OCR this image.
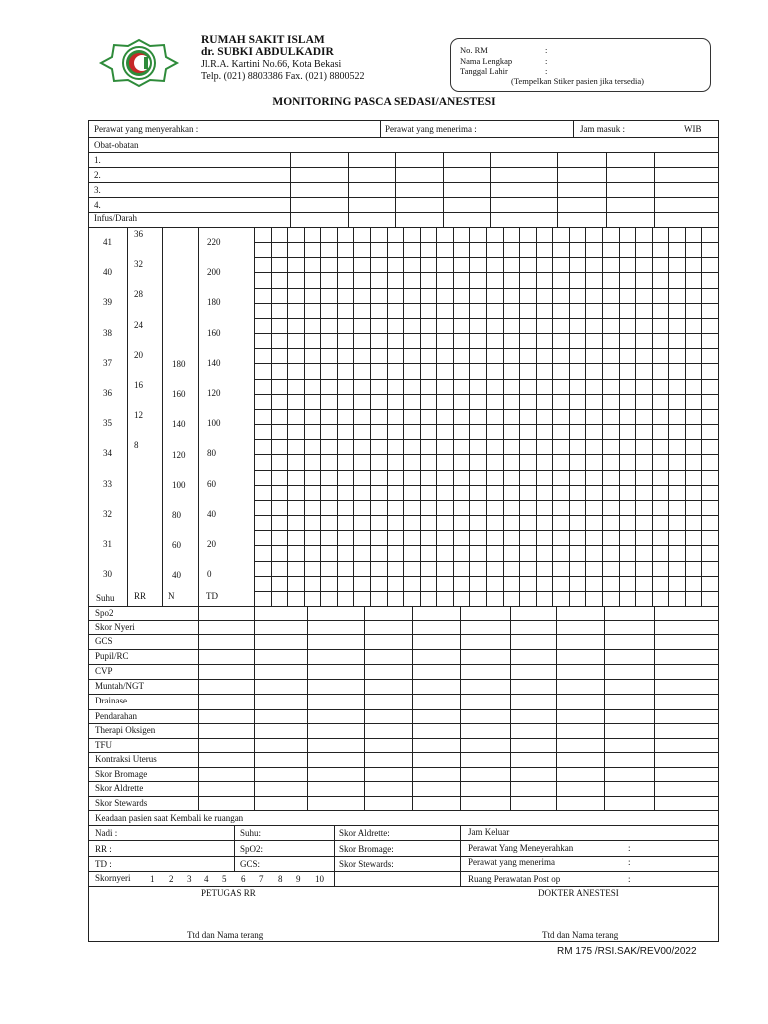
RUMAH SAKIT ISLAM
dr. SUBKI ABDULKADIR
Jl.R.A. Kartini No.66, Kota Bekasi
Telp. (021) 8803386 Fax. (021) 8800522
No. RM	:
Nama Lengkap	:
Tanggal Lahir	:
(Tempelkan Stiker pasien jika tersedia)
MONITORING PASCA SEDASI/ANESTESI
Perawat yang menyerahkan :	Perawat yang menerima :	Jam masuk :	WIB
Obat-obatan
1.
2.
3.
4.
Infus/Darah
41
40
39
38
37
36
35
34
33
32
31
30
36
32
28
24
20
16
12
8
180
160
140
120
100
80
60
40
220
200
180
160
140
120
100
80
60
40
20
0
Suhu RR N	TD
Spo2
Skor Nyeri
GCS
Pupil/RC
CVP
Muntah/NGT
Drainase
Pendarahan
Therapi Oksigen
TFU
Kontraksi Uterus
Skor Bromage
Skor Aldrette
Skor Stewards
Keadaan pasien saat Kembali ke ruangan
Nadi :
RR :
TD :
Suhu:
SpO2:
GCS:
Skor Aldrette:
Skor Bromage:
Skor Stewards:
Jam Keluar
Perawat Yang Meneyerahkan	:
Perawat yang menerima	:
Ruang Perawatan Post op	:
Skornyeri 1 2 3 4 5 6 7 8 9 10
PETUGAS RR	DOKTER ANESTESI
Ttd dan Nama terang	Ttd dan Nama terang
RM 175 /RSI.SAK/REV00/2022
